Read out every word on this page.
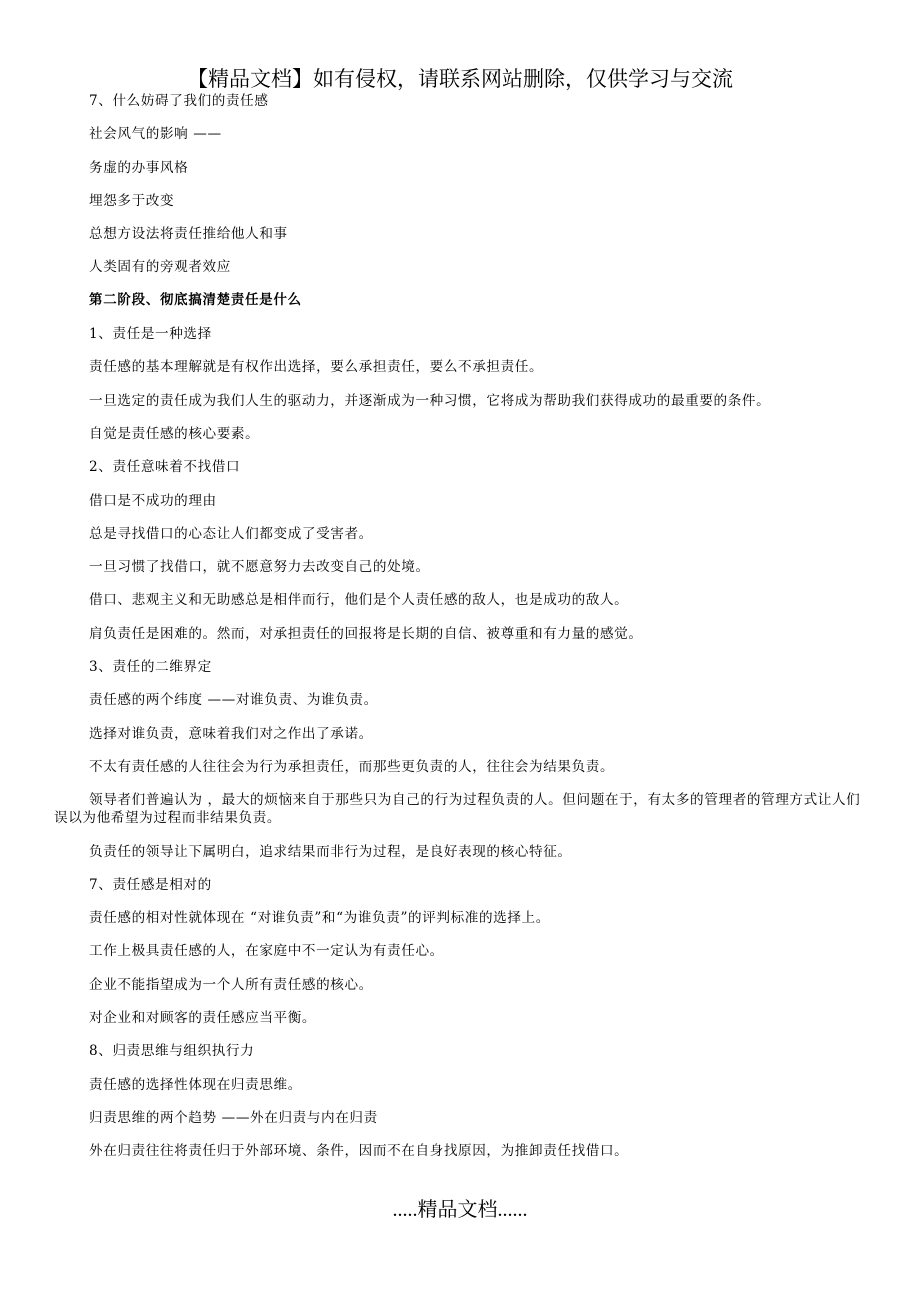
【精品文档】如有侵权，请联系网站删除，仅供学习与交流

7、什么妨碍了我们的责任感

社会风气的影响 ——

务虚的办事风格

埋怨多于改变

总想方设法将责任推给他人和事

人类固有的旁观者效应

第二阶段、彻底搞清楚责任是什么

1、责任是一种选择

责任感的基本理解就是有权作出选择，要么承担责任，要么不承担责任。

一旦选定的责任成为我们人生的驱动力，并逐渐成为一种习惯，它将成为帮助我们获得成功的最重要的条件。

自觉是责任感的核心要素。

2、责任意味着不找借口

借口是不成功的理由

总是寻找借口的心态让人们都变成了受害者。

一旦习惯了找借口，就不愿意努力去改变自己的处境。

借口、悲观主义和无助感总是相伴而行，他们是个人责任感的敌人，也是成功的敌人。

肩负责任是困难的。然而，对承担责任的回报将是长期的自信、被尊重和有力量的感觉。

3、责任的二维界定

责任感的两个纬度 ——对谁负责、为谁负责。

选择对谁负责，意味着我们对之作出了承诺。

不太有责任感的人往往会为行为承担责任，而那些更负责的人，往往会为结果负责。

领导者们普遍认为 ，最大的烦恼来自于那些只为自己的行为过程负责的人。但问题在于，有太多的管理者的管理方式让人们误以为他希望为过程而非结果负责。

负责任的领导让下属明白，追求结果而非行为过程，是良好表现的核心特征。

7、责任感是相对的

责任感的相对性就体现在 “对谁负责”和“为谁负责”的评判标准的选择上。

工作上极具责任感的人，在家庭中不一定认为有责任心。

企业不能指望成为一个人所有责任感的核心。

对企业和对顾客的责任感应当平衡。

8、归责思维与组织执行力

责任感的选择性体现在归责思维。

归责思维的两个趋势 ——外在归责与内在归责

外在归责往往将责任归于外部环境、条件，因而不在自身找原因，为推卸责任找借口。

.....精品文档......
